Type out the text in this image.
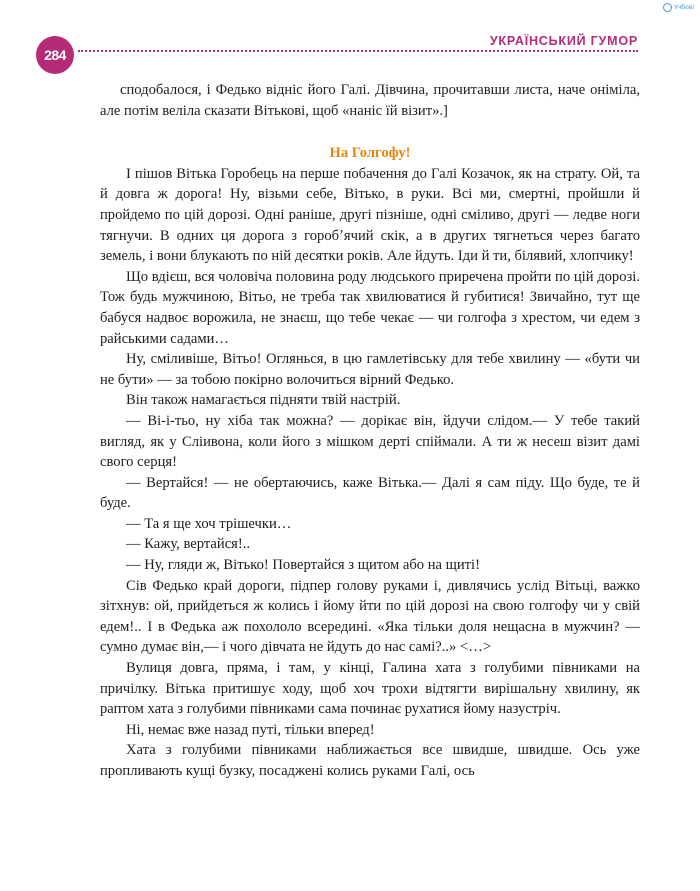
Учбові
284
УКРАЇНСЬКИЙ ГУМОР

сподобалося, і Федько відніс його Галі. Дівчина, прочитавши листа, наче оніміла, але потім веліла сказати Вітькові, щоб «наніс їй візит».]

На Голгофу!

І пішов Вітька Горобець на перше побачення до Галі Козачок, як на страту. Ой, та й довга ж дорога! Ну, візьми себе, Вітько, в руки. Всі ми, смертні, пройшли й пройдемо по цій дорозі. Одні раніше, другі пізніше, одні сміливо, другі — ледве ноги тягнучи. В одних ця дорога з горобʼячий скік, а в других тягнеться через багато земель, і вони блукають по ній десятки років. Але йдуть. Іди й ти, білявий, хлопчику!

Що вдієш, вся чоловіча половина роду людського приречена пройти по цій дорозі. Тож будь мужчиною, Вітьо, не треба так хвилюватися й губитися! Звичайно, тут ще бабуся надвоє ворожила, не знаєш, що тебе чекає — чи голгофа з хрестом, чи едем з райськими садами…

Ну, сміливіше, Вітьо! Оглянься, в цю гамлетівську для тебе хвилину — «бути чи не бути» — за тобою покірно волочиться вірний Федько.

Він також намагається підняти твій настрій.

— Ві-і-тьо, ну хіба так можна? — дорікає він, йдучи слідом.— У тебе такий вигляд, як у Сліивона, коли його з мішком дерті спіймали. А ти ж несеш візит дамі свого серця!

— Вертайся! — не обертаючись, каже Вітька.— Далі я сам піду. Що буде, те й буде.

— Та я ще хоч трішечки…

— Кажу, вертайся!..

— Ну, гляди ж, Вітько! Повертайся з щитом або на щиті!

Сів Федько край дороги, підпер голову руками і, дивлячись услід Вітьці, важко зітхнув: ой, прийдеться ж колись і йому йти по цій дорозі на свою голгофу чи у свій едем!.. І в Федька аж похололо всередині. «Яка тільки доля нещасна в мужчин? — сумно думає він,— і чого дівчата не йдуть до нас самі?..» <…>

Вулиця довга, пряма, і там, у кінці, Галина хата з голубими півниками на причілку. Вітька притишує ходу, щоб хоч трохи відтягти вирішальну хвилину, як раптом хата з голубими півниками сама починає рухатися йому назустріч.

Ні, немає вже назад путі, тільки вперед!

Хата з голубими півниками наближається все швидше, швидше. Ось уже пропливають кущі бузку, посаджені колись руками Галі, ось
